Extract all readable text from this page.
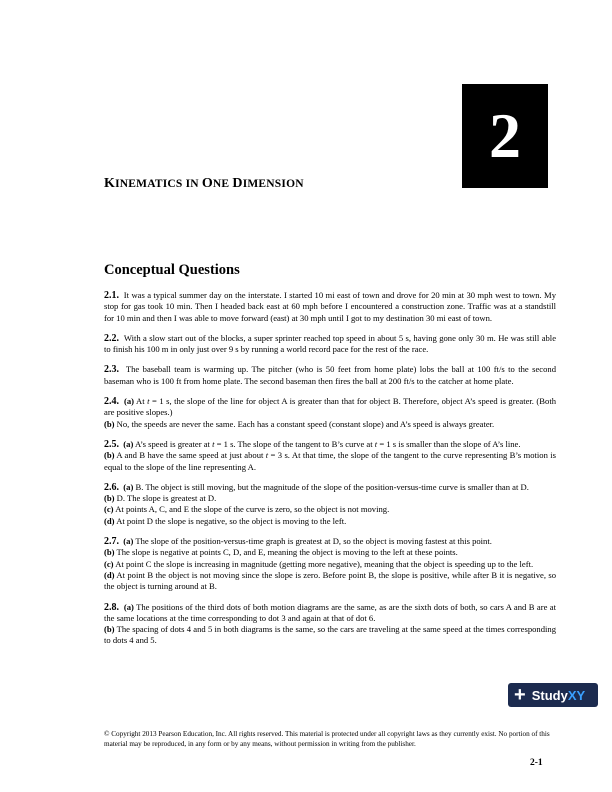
2
KINEMATICS IN ONE DIMENSION
Conceptual Questions

2.1. It was a typical summer day on the interstate. I started 10 mi east of town and drove for 20 min at 30 mph west to town. My stop for gas took 10 min. Then I headed back east at 60 mph before I encountered a construction zone. Traffic was at a standstill for 10 min and then I was able to move forward (east) at 30 mph until I got to my destination 30 mi east of town.

2.2. With a slow start out of the blocks, a super sprinter reached top speed in about 5 s, having gone only 30 m. He was still able to finish his 100 m in only just over 9 s by running a world record pace for the rest of the race.

2.3. The baseball team is warming up. The pitcher (who is 50 feet from home plate) lobs the ball at 100 ft/s to the second baseman who is 100 ft from home plate. The second baseman then fires the ball at 200 ft/s to the catcher at home plate.

2.4. (a) At t = 1 s, the slope of the line for object A is greater than that for object B. Therefore, object A’s speed is greater. (Both are positive slopes.)

(b) No, the speeds are never the same. Each has a constant speed (constant slope) and A’s speed is always greater.

2.5. (a) A’s speed is greater at t = 1 s. The slope of the tangent to B’s curve at t = 1 s is smaller than the slope of A’s line.

(b) A and B have the same speed at just about t = 3 s. At that time, the slope of the tangent to the curve representing B’s motion is equal to the slope of the line representing A.

2.6. (a) B. The object is still moving, but the magnitude of the slope of the position-versus-time curve is smaller than at D.

(b) D. The slope is greatest at D.

(c) At points A, C, and E the slope of the curve is zero, so the object is not moving.

(d) At point D the slope is negative, so the object is moving to the left.

2.7. (a) The slope of the position-versus-time graph is greatest at D, so the object is moving fastest at this point.

(b) The slope is negative at points C, D, and E, meaning the object is moving to the left at these points.

(c) At point C the slope is increasing in magnitude (getting more negative), meaning that the object is speeding up to the left.

(d) At point B the object is not moving since the slope is zero. Before point B, the slope is positive, while after B it is negative, so the object is turning around at B.

2.8. (a) The positions of the third dots of both motion diagrams are the same, as are the sixth dots of both, so cars A and B are at the same locations at the time corresponding to dot 3 and again at that of dot 6.

(b) The spacing of dots 4 and 5 in both diagrams is the same, so the cars are traveling at the same speed at the times corresponding to dots 4 and 5.

© Copyright 2013 Pearson Education, Inc. All rights reserved. This material is protected under all copyright laws as they currently exist. No portion of this material may be reproduced, in any form or by any means, without permission in writing from the publisher.
2-1
+ Study XY
